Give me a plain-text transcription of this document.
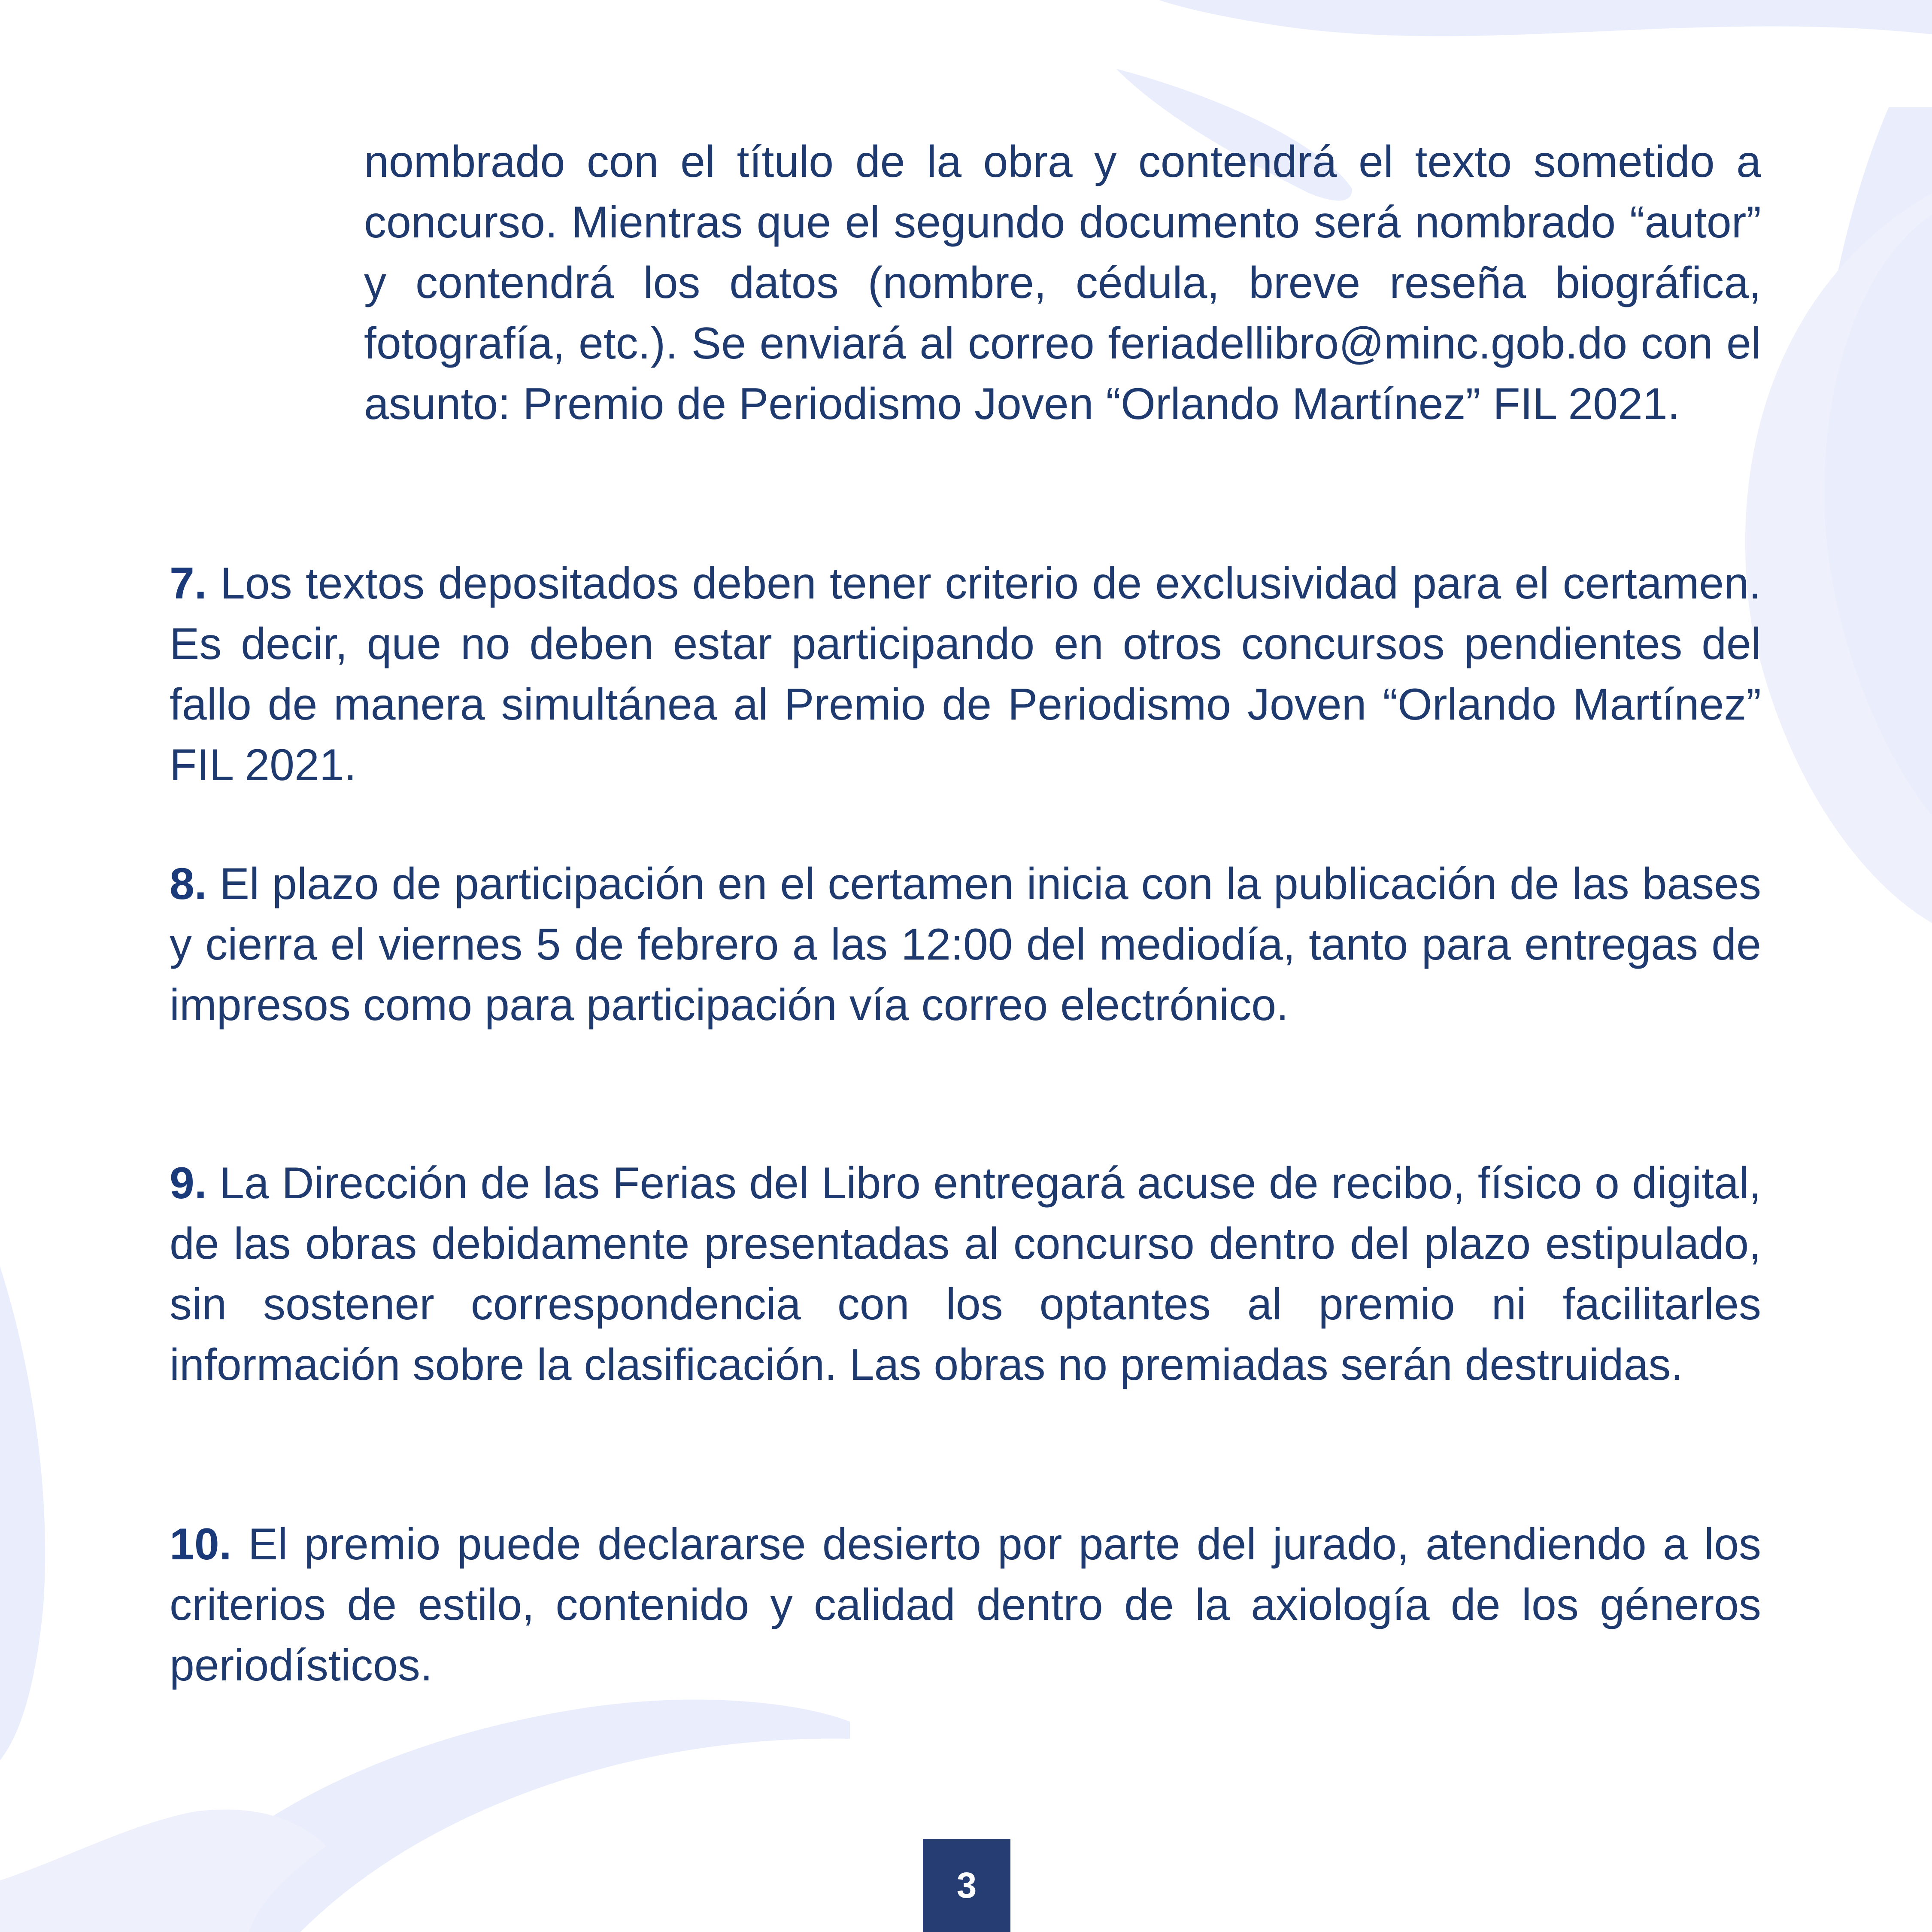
nombrado con el título de la obra y contendrá el texto sometido a concurso. Mientras que el segundo documento será nombrado “autor” y contendrá los datos (nombre, cédula, breve reseña biográfica, fotografía, etc.). Se enviará al correo feriadellibro@minc.gob.do con el asunto: Premio de Periodismo Joven “Orlando Martínez” FIL 2021.

7. Los textos depositados deben tener criterio de exclusividad para el certamen. Es decir, que no deben estar participando en otros concursos pendientes del fallo de manera simultánea al Premio de Periodismo Joven “Orlando Martínez” FIL 2021.

8. El plazo de participación en el certamen inicia con la publicación de las bases y cierra el viernes 5 de febrero a las 12:00 del mediodía, tanto para entregas de impresos como para participación vía correo electrónico.

9. La Dirección de las Ferias del Libro entregará acuse de recibo, físico o digital, de las obras debidamente presentadas al concurso dentro del plazo estipulado, sin sostener correspondencia con los optantes al premio ni facilitarles información sobre la clasificación. Las obras no premiadas serán destruidas.

10. El premio puede declararse desierto por parte del jurado, atendiendo a los criterios de estilo, contenido y calidad dentro de la axiología de los géneros periodísticos.

3
